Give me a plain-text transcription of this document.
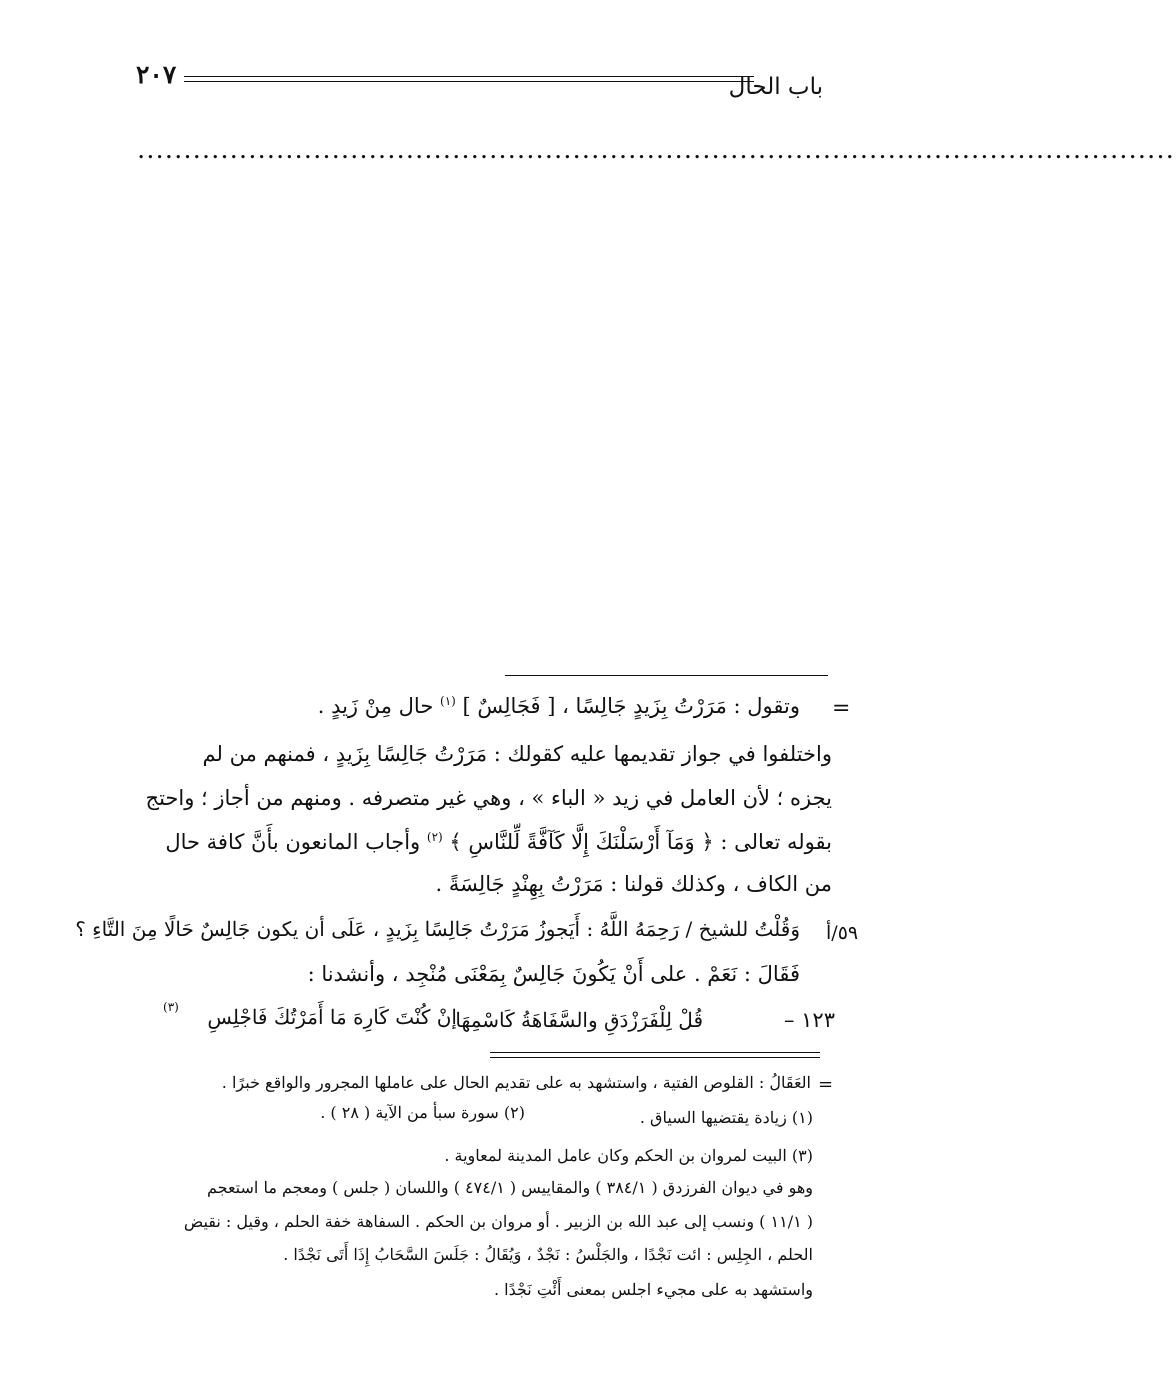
٢٠٧	باب الحال
................................................................................................................
=
وتقول : مَرَرْتُ بِزَيدٍ جَالِسًا ، [ فَجَالِسٌ ] $^{(١)}$ حال مِنْ زَيدٍ .
واختلفوا في جواز تقديمها عليه كقولك : مَرَرْتُ جَالِسًا بِزَيدٍ ، فمنهم من لم
يجزه ؛ لأن العامل في زيد « الباء » ، وهي غير متصرفه . ومنهم من أجاز ؛ واحتج
بقوله تعالى : ﴿ وَمَآ أَرْسَلْنَكَ إِلَّا كَآفَّةً لِّلنَّاسِ ﴾ $^{(٢)}$ وأجاب المانعون بأَنَّ كافة حال
من الكاف ، وكذلك قولنا : مَرَرْتُ بِهِنْدٍ جَالِسَةً .
٥٩/أ
وَقُلْتُ للشيخ / رَحِمَهُ اللَّهُ : أَيَجوزُ مَرَرْتُ جَالِسًا بِزَيدٍ ، عَلَى أن يكون جَالِسٌ حَالًا مِنَ التَّاءِ ؟
فَقَالَ : نَعَمْ . على أَنْ يَكُونَ جَالِسٌ بِمَعْنَى مُنْجِد ، وأنشدنا :
١٢٣ –
قُلْ لِلْفَرَزْدَقِ والسَّفَاهَةُ كَاسْمِهَا
إنْ كُنْتَ كَارِهَ مَا أَمَرْتُكَ فَاجْلِسِ
(٣)
=
العَقَالُ : القلوص الفتية ، واستشهد به على تقديم الحال على عاملها المجرور والواقع خبرًا .
(١) زيادة يقتضيها السياق .
(٢) سورة سبأ من الآية ( ٢٨ ) .
(٣) البيت لمروان بن الحكم وكان عامل المدينة لمعاوية .
وهو في ديوان الفرزدق ( ٣٨٤/١ ) والمقاييس ( ٤٧٤/١ ) واللسان ( جلس ) ومعجم ما استعجم
( ١١/١ ) ونسب إلى عبد الله بن الزبير . أو مروان بن الحكم . السفاهة خفة الحلم ، وقيل : نقيض
الحلم ، الجِلِس : ائت نَجْدًا ، والجَلْسُ : نَجْدٌ ، وَيُقَالُ : جَلَسَ السَّحَابُ إِذَا أَتَى نَجْدًا .
واستشهد به على مجيء اجلس بمعنى أَئْتِ نَجْدًا .
